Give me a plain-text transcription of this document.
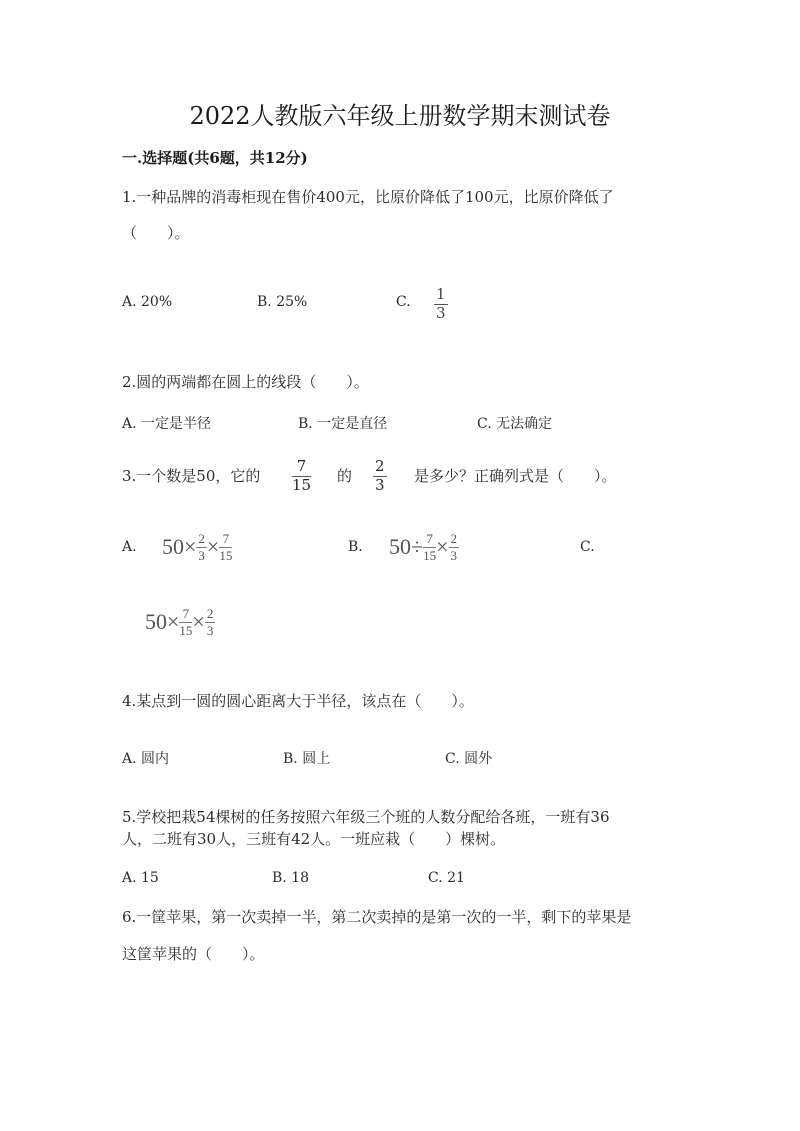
2022人教版六年级上册数学期末测试卷
一.选择题(共6题，共12分)
1.一种品牌的消毒柜现在售价400元，比原价降低了100元，比原价降低了
（　　）。
A. 20%	B. 25%	C. $\frac{1}{3}$
2.圆的两端都在圆上的线段（　　）。
A. 一定是半径	B. 一定是直径	C. 无法确定
3.一个数是50，它的 $\frac{7}{15}$ 的 $\frac{2}{3}$ 是多少？正确列式是（　　）。
A. $50\times \frac{2}{3} \times \frac{7}{15}$	B. $50\div \frac{7}{15} \times \frac{2}{3}$	C.
$50\times \frac{7}{15} \times \frac{2}{3}$
4.某点到一圆的圆心距离大于半径，该点在（　　）。
A. 圆内	B. 圆上	C. 圆外
5.学校把栽54棵树的任务按照六年级三个班的人数分配给各班，一班有36
人，二班有30人，三班有42人。一班应栽（　　）棵树。
A. 15	B. 18	C. 21
6.一筐苹果，第一次卖掉一半，第二次卖掉的是第一次的一半，剩下的苹果是
这筐苹果的（　　）。
